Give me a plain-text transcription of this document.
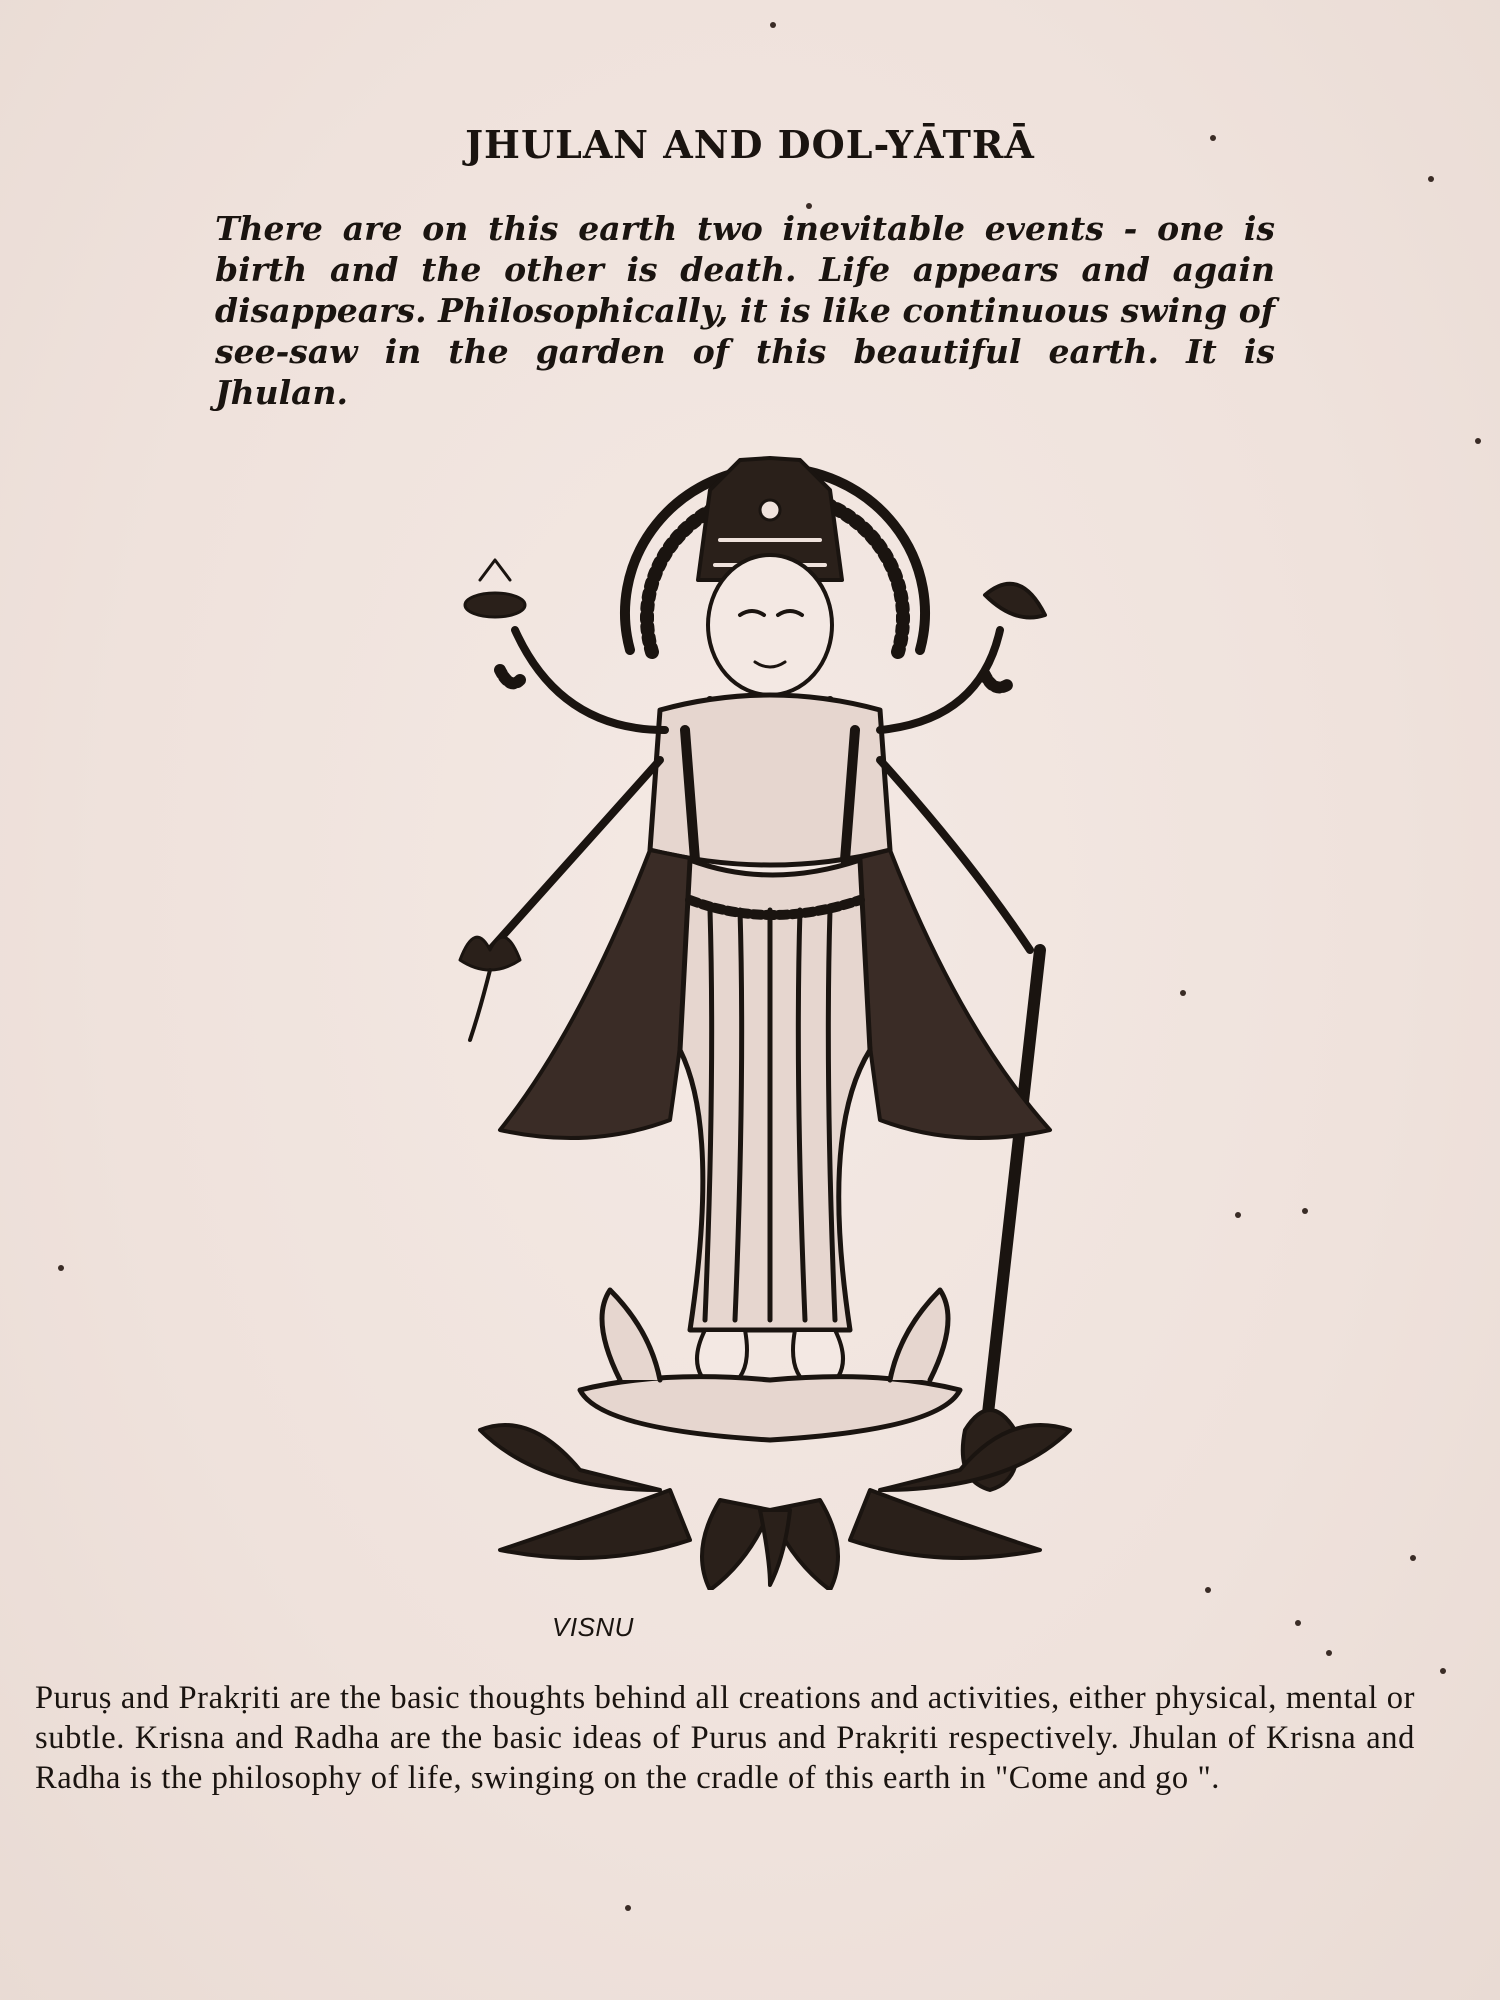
JHULAN AND DOL-YĀTRĀ

There are on this earth two inevitable events - one is birth and the other is death. Life appears and again disappears. Philosophically, it is like continuous swing of see-saw in the garden of this beautiful earth. It is Jhulan.

VISNU

Puruṣ and Prakṛiti are the basic thoughts behind all creations and activities, either physical, mental or subtle. Krisna and Radha are the basic ideas of Purus and Prakṛiti respectively. Jhulan of Krisna and Radha is the philosophy of life, swinging on the cradle of this earth in "Come and go ".
